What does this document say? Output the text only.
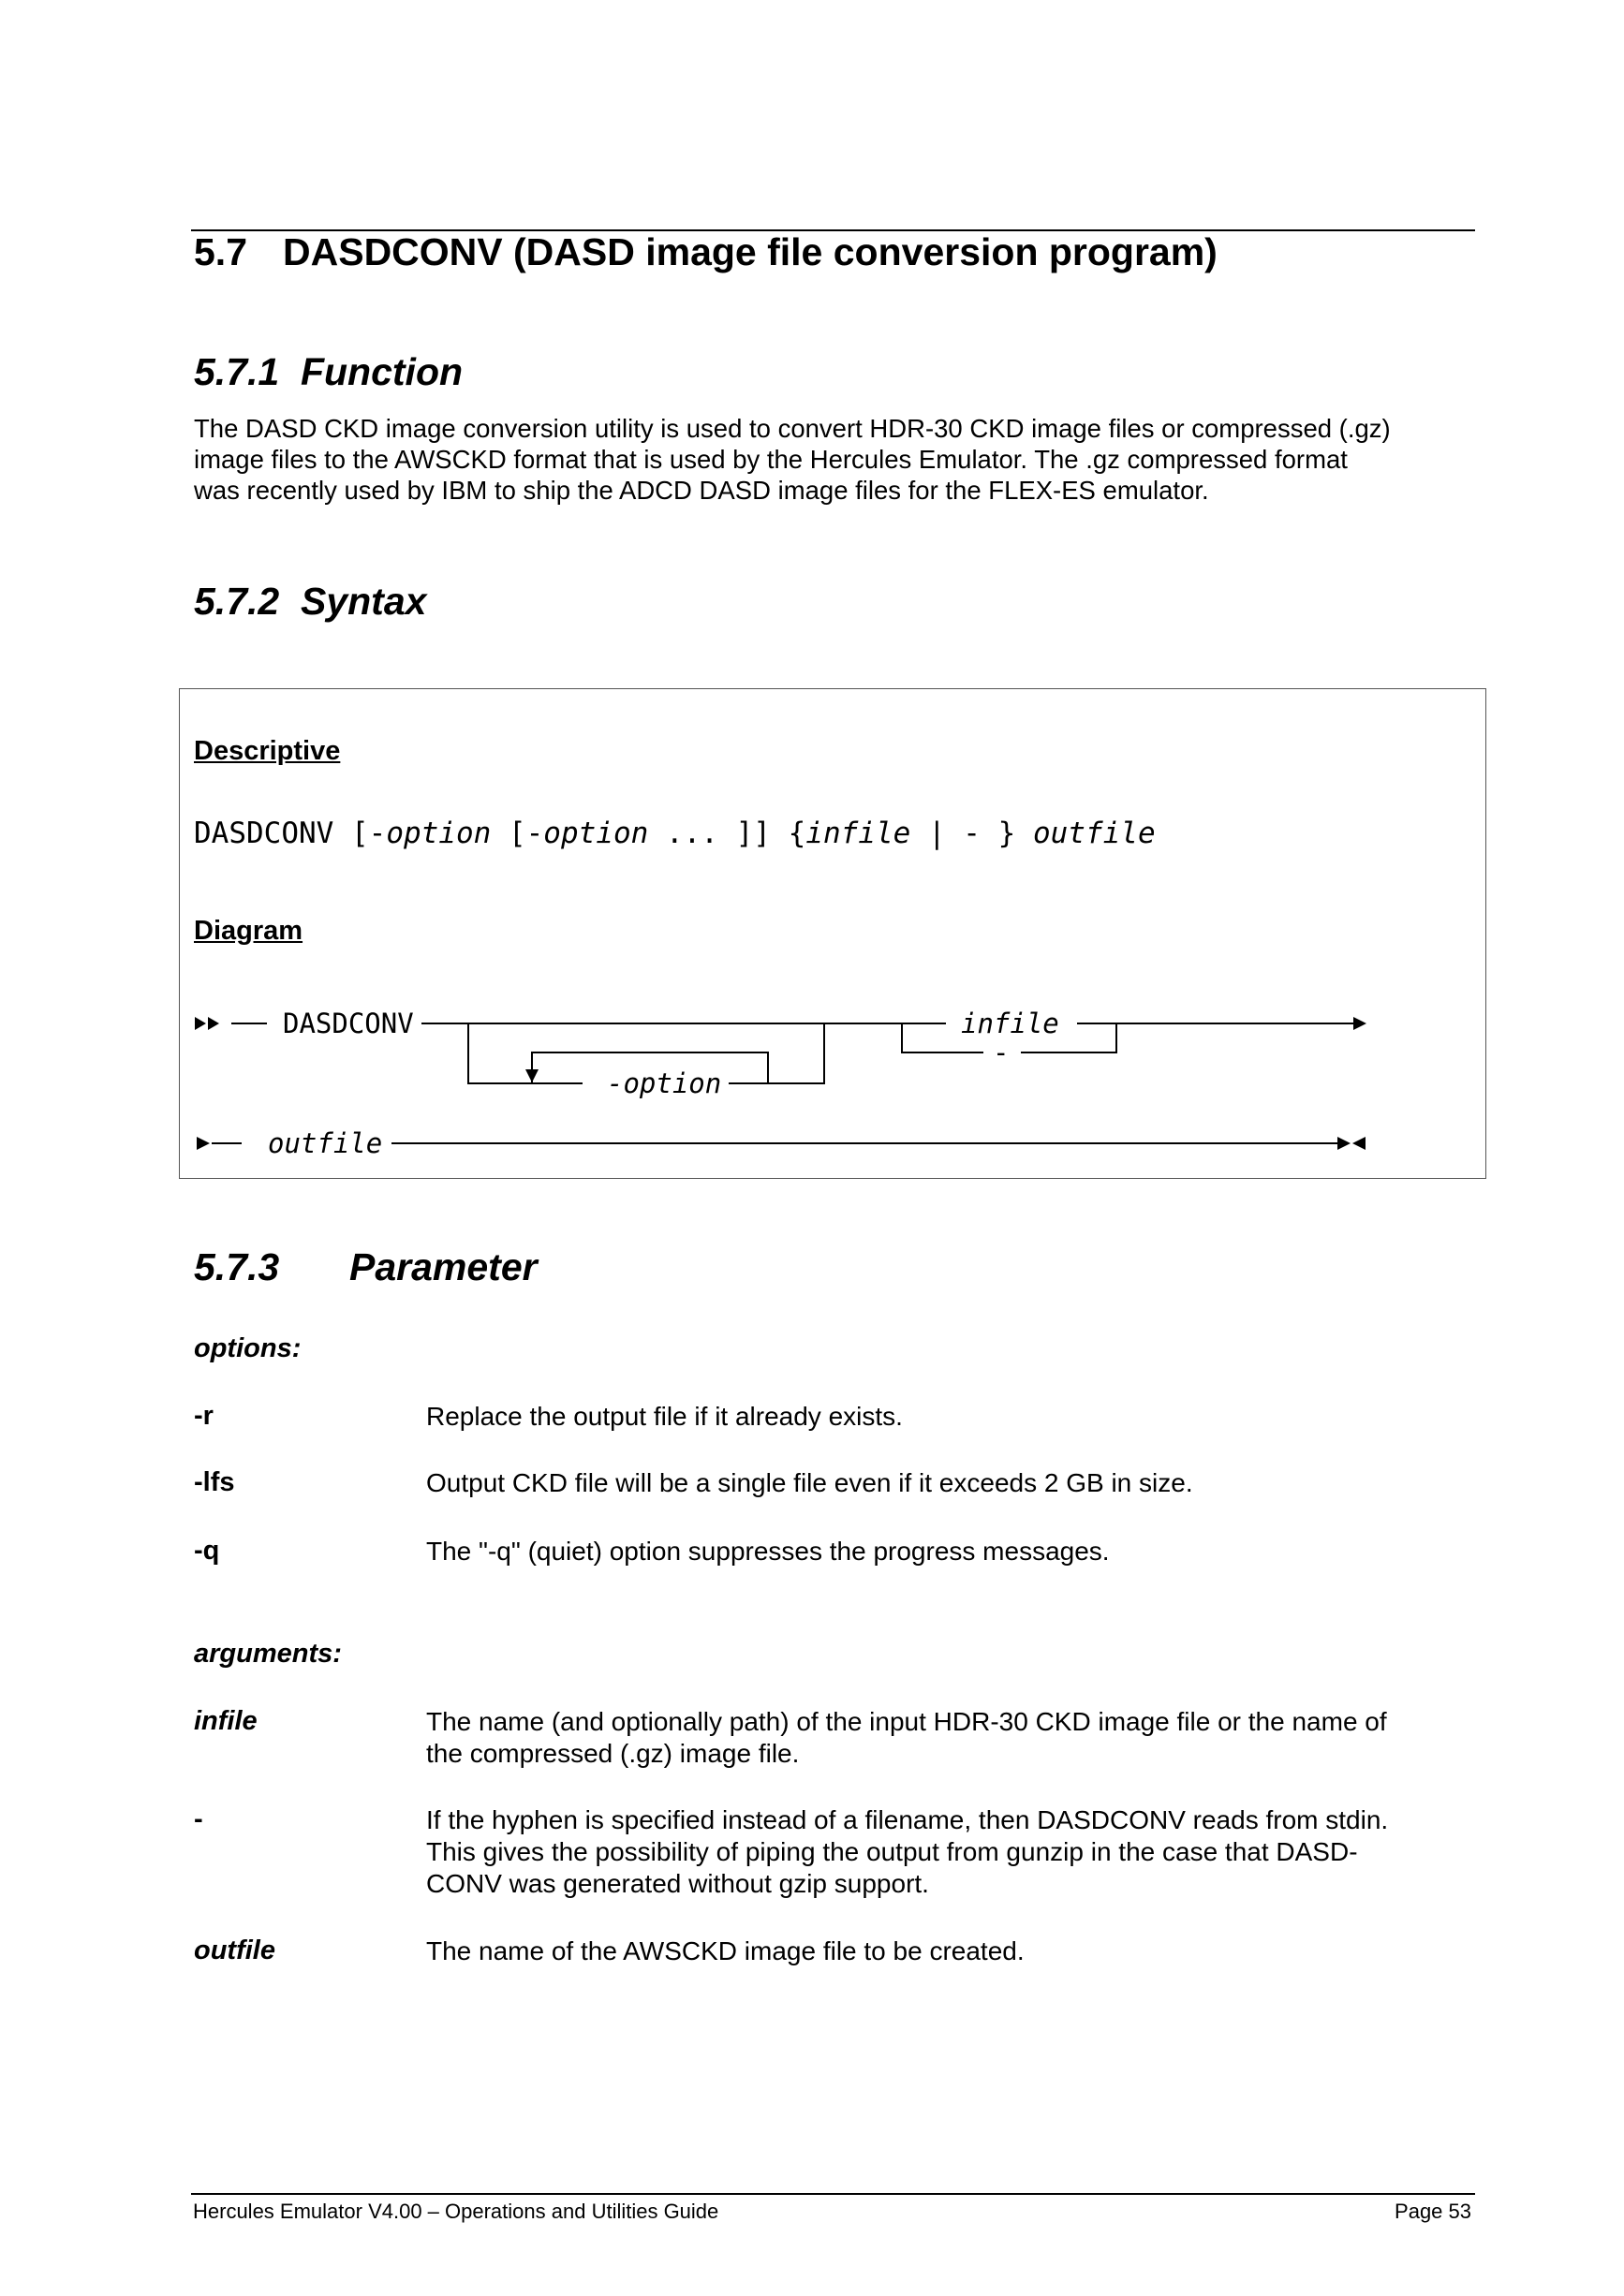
5.7 DASDCONV (DASD image file conversion program)
5.7.1  Function
The DASD CKD image conversion utility is used to convert HDR-30 CKD image files or compressed (.gz)
image files to the AWSCKD format that is used by the Hercules Emulator. The .gz compressed format
was recently used by IBM to ship the ADCD DASD image files for the FLEX-ES emulator.
5.7.2  Syntax
Descriptive
DASDCONV [-option [-option ... ]] {infile | - } outfile
Diagram
DASDCONV
-option
infile
-
outfile
5.7.3 Parameter
options:
-r	Replace the output file if it already exists.
-lfs	Output CKD file will be a single file even if it exceeds 2 GB in size.
-q	The "-q" (quiet) option suppresses the progress messages.
arguments:
infile	The name (and optionally path) of the input HDR-30 CKD image file or the name of
the compressed (.gz) image file.
-	If the hyphen is specified instead of a filename, then DASDCONV reads from stdin.
This gives the possibility of piping the output from gunzip in the case that DASD-
CONV was generated without gzip support.
outfile	The name of the AWSCKD image file to be created.
Hercules Emulator V4.00 – Operations and Utilities Guide	Page 53
